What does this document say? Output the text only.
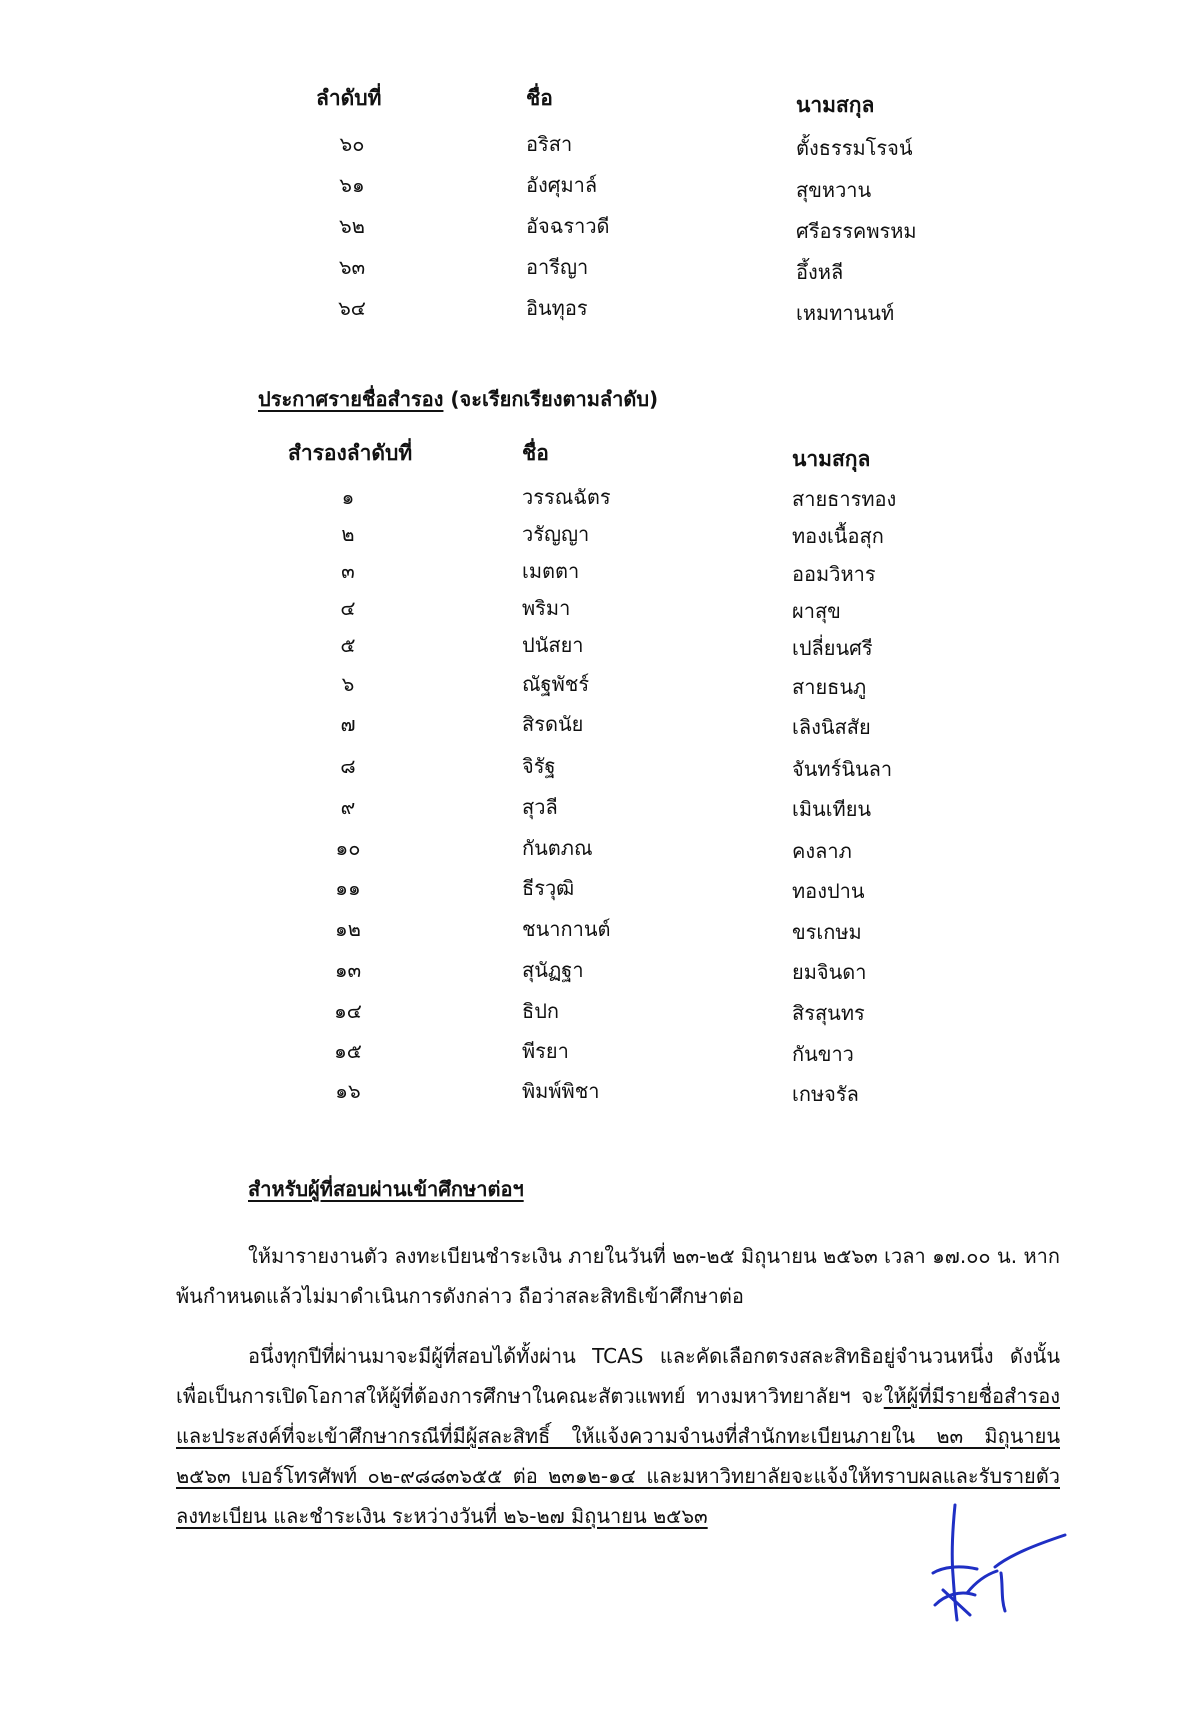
ลำดับที่	ชื่อ	นามสกุล
๖๐	อริสา	ตั้งธรรมโรจน์
๖๑	อังศุมาล์	สุขหวาน
๖๒	อัจฉราวดี	ศรีอรรคพรหม
๖๓	อารีญา	อึ้งหลี
๖๔	อินทุอร	เหมทานนท์
ประกาศรายชื่อสำรอง (จะเรียกเรียงตามลำดับ)
สำรองลำดับที่	ชื่อ	นามสกุล
๑	วรรณฉัตร	สายธารทอง
๒	วรัญญา	ทองเนื้อสุก
๓	เมตตา	ออมวิหาร
๔	พริมา	ผาสุข
๕	ปนัสยา	เปลี่ยนศรี
๖	ณัฐพัชร์	สายธนภู
๗	สิรดนัย	เลิงนิสสัย
๘	จิรัฐ	จันทร์นินลา
๙	สุวลี	เมินเทียน
๑๐	กันตภณ	คงลาภ
๑๑	ธีรวุฒิ	ทองปาน
๑๒	ชนากานต์	ขรเกษม
๑๓	สุนัฏฐา	ยมจินดา
๑๔	ธิปก	สิรสุนทร
๑๕	พีรยา	กันขาว
๑๖	พิมพ์พิชา	เกษจรัล
สำหรับผู้ที่สอบผ่านเข้าศึกษาต่อฯ
ให้มารายงานตัว ลงทะเบียนชำระเงิน ภายในวันที่ ๒๓-๒๕ มิถุนายน ๒๕๖๓ เวลา ๑๗.๐๐ น. หากพ้นกำหนดแล้วไม่มาดำเนินการดังกล่าว ถือว่าสละสิทธิเข้าศึกษาต่อ
อนึ่งทุกปีที่ผ่านมาจะมีผู้ที่สอบได้ทั้งผ่าน TCAS และคัดเลือกตรงสละสิทธิอยู่จำนวนหนึ่ง ดังนั้นเพื่อเป็นการเปิดโอกาสให้ผู้ที่ต้องการศึกษาในคณะสัตวแพทย์ ทางมหาวิทยาลัยฯ จะให้ผู้ที่มีรายชื่อสำรองและประสงค์ที่จะเข้าศึกษากรณีที่มีผู้สละสิทธิ์ ให้แจ้งความจำนงที่สำนักทะเบียนภายใน ๒๓ มิถุนายน ๒๕๖๓ เบอร์โทรศัพท์ ๐๒-๙๘๘๓๖๕๕ ต่อ ๒๓๑๒-๑๔ และมหาวิทยาลัยจะแจ้งให้ทราบผลและรับรายตัว ลงทะเบียน และชำระเงิน ระหว่างวันที่ ๒๖-๒๗ มิถุนายน ๒๕๖๓
